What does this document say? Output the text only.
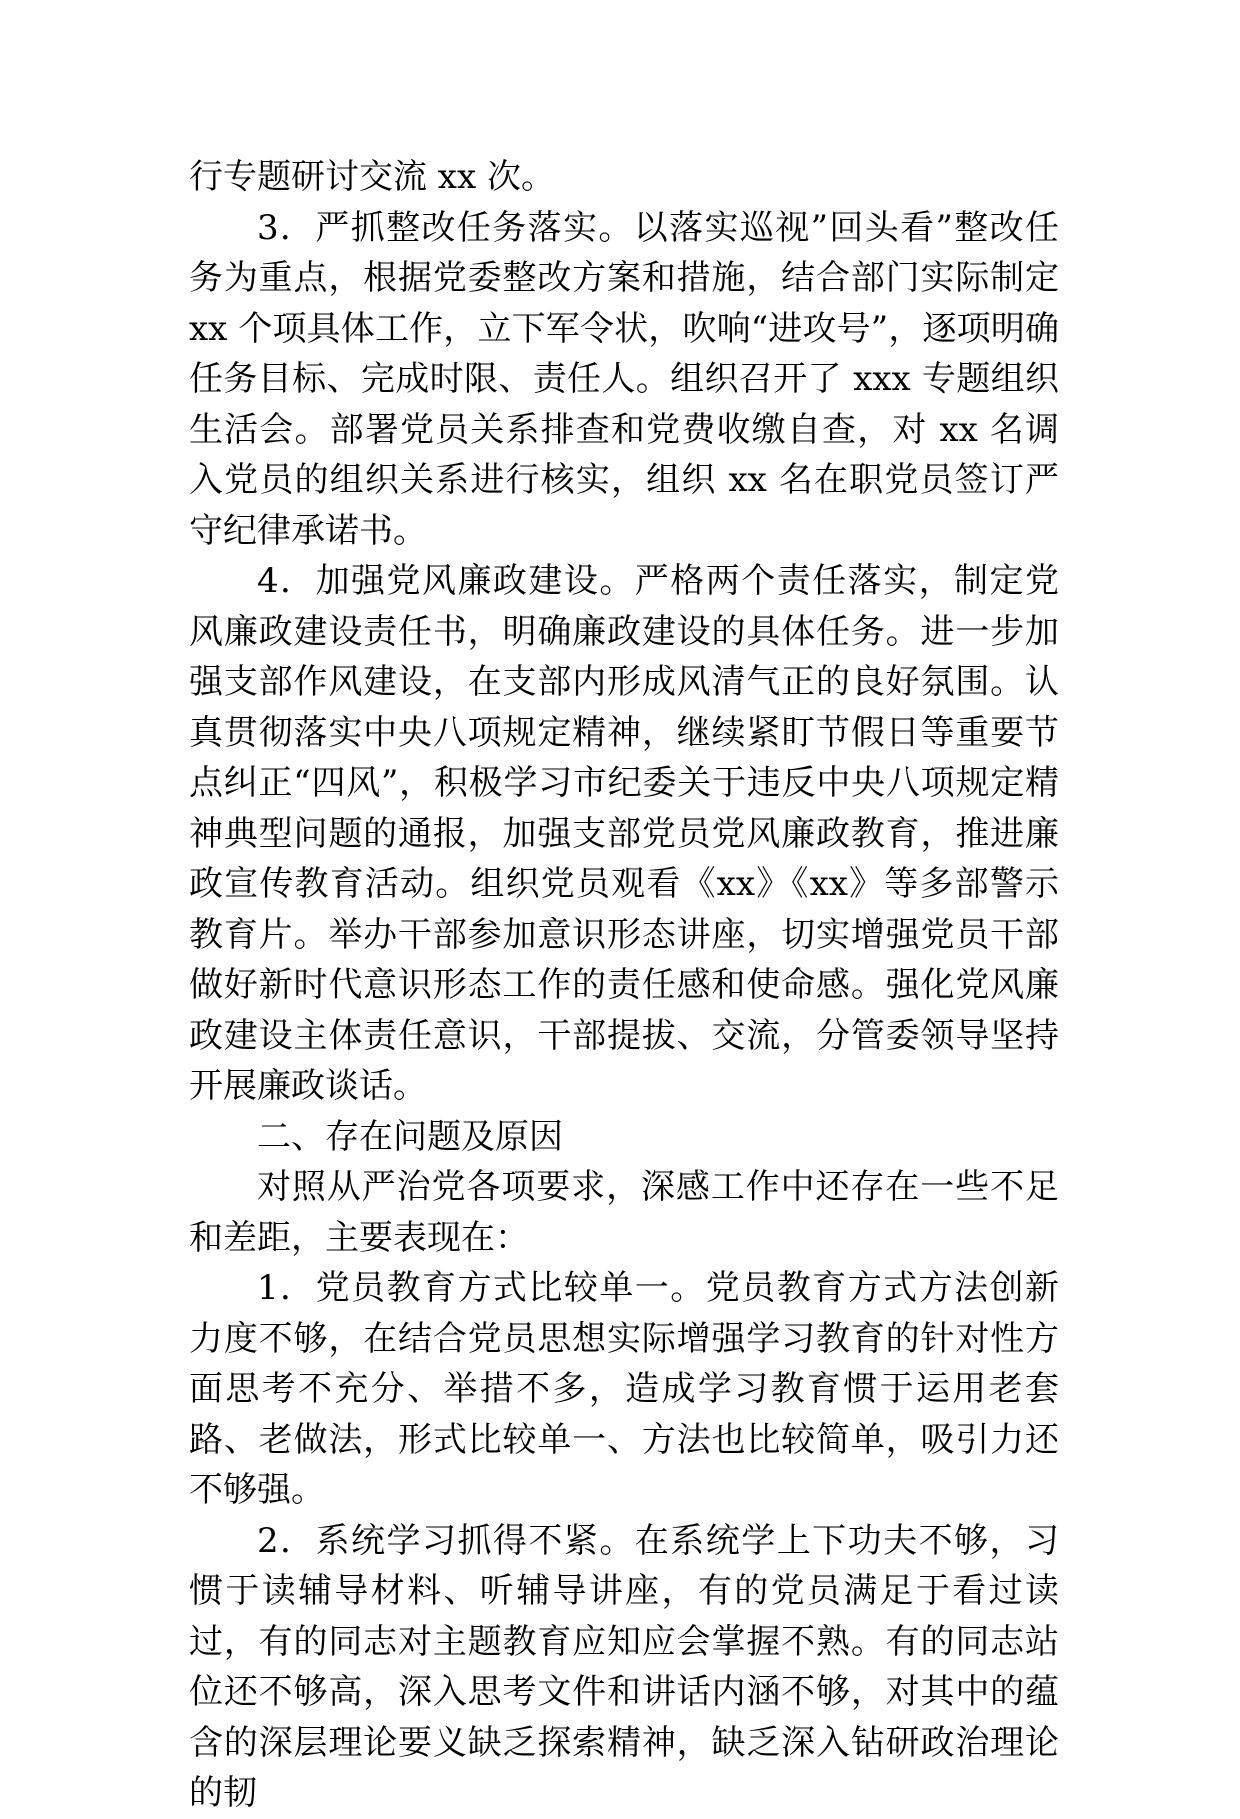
行专题研讨交流 xx 次。

3．严抓整改任务落实。以落实巡视”回头看”整改任务为重点，根据党委整改方案和措施，结合部门实际制定 xx 个项具体工作，立下军令状，吹响“进攻号”，逐项明确任务目标、完成时限、责任人。组织召开了 xxx 专题组织生活会。部署党员关系排查和党费收缴自查，对 xx 名调入党员的组织关系进行核实，组织 xx 名在职党员签订严守纪律承诺书。

4．加强党风廉政建设。严格两个责任落实，制定党风廉政建设责任书，明确廉政建设的具体任务。进一步加强支部作风建设，在支部内形成风清气正的良好氛围。认真贯彻落实中央八项规定精神，继续紧盯节假日等重要节点纠正“四风”，积极学习市纪委关于违反中央八项规定精神典型问题的通报，加强支部党员党风廉政教育，推进廉政宣传教育活动。组织党员观看《xx》《xx》等多部警示教育片。举办干部参加意识形态讲座，切实增强党员干部做好新时代意识形态工作的责任感和使命感。强化党风廉政建设主体责任意识，干部提拔、交流，分管委领导坚持开展廉政谈话。

二、存在问题及原因

对照从严治党各项要求，深感工作中还存在一些不足和差距，主要表现在：

1．党员教育方式比较单一。党员教育方式方法创新力度不够，在结合党员思想实际增强学习教育的针对性方面思考不充分、举措不多，造成学习教育惯于运用老套路、老做法，形式比较单一、方法也比较简单，吸引力还不够强。

2．系统学习抓得不紧。在系统学上下功夫不够，习惯于读辅导材料、听辅导讲座，有的党员满足于看过读过，有的同志对主题教育应知应会掌握不熟。有的同志站位还不够高，深入思考文件和讲话内涵不够，对其中的蕴含的深层理论要义缺乏探索精神，缺乏深入钻研政治理论的韧
